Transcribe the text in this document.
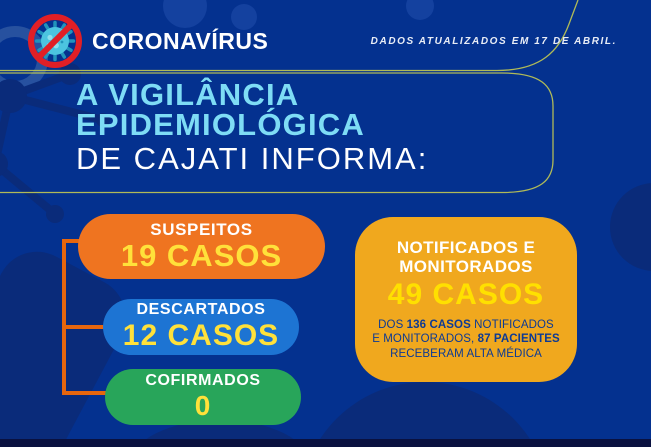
CORONAVÍRUS	DADOS ATUALIZADOS EM 17 DE ABRIL.
A VIGILÂNCIA
EPIDEMIOLÓGICA
DE CAJATI INFORMA:
SUSPEITOS
19 CASOS
DESCARTADOS
12 CASOS
COFIRMADOS
0
NOTIFICADOS E
MONITORADOS
49 CASOS
DOS 136 CASOS NOTIFICADOS
E MONITORADOS, 87 PACIENTES
RECEBERAM ALTA MÉDICA
